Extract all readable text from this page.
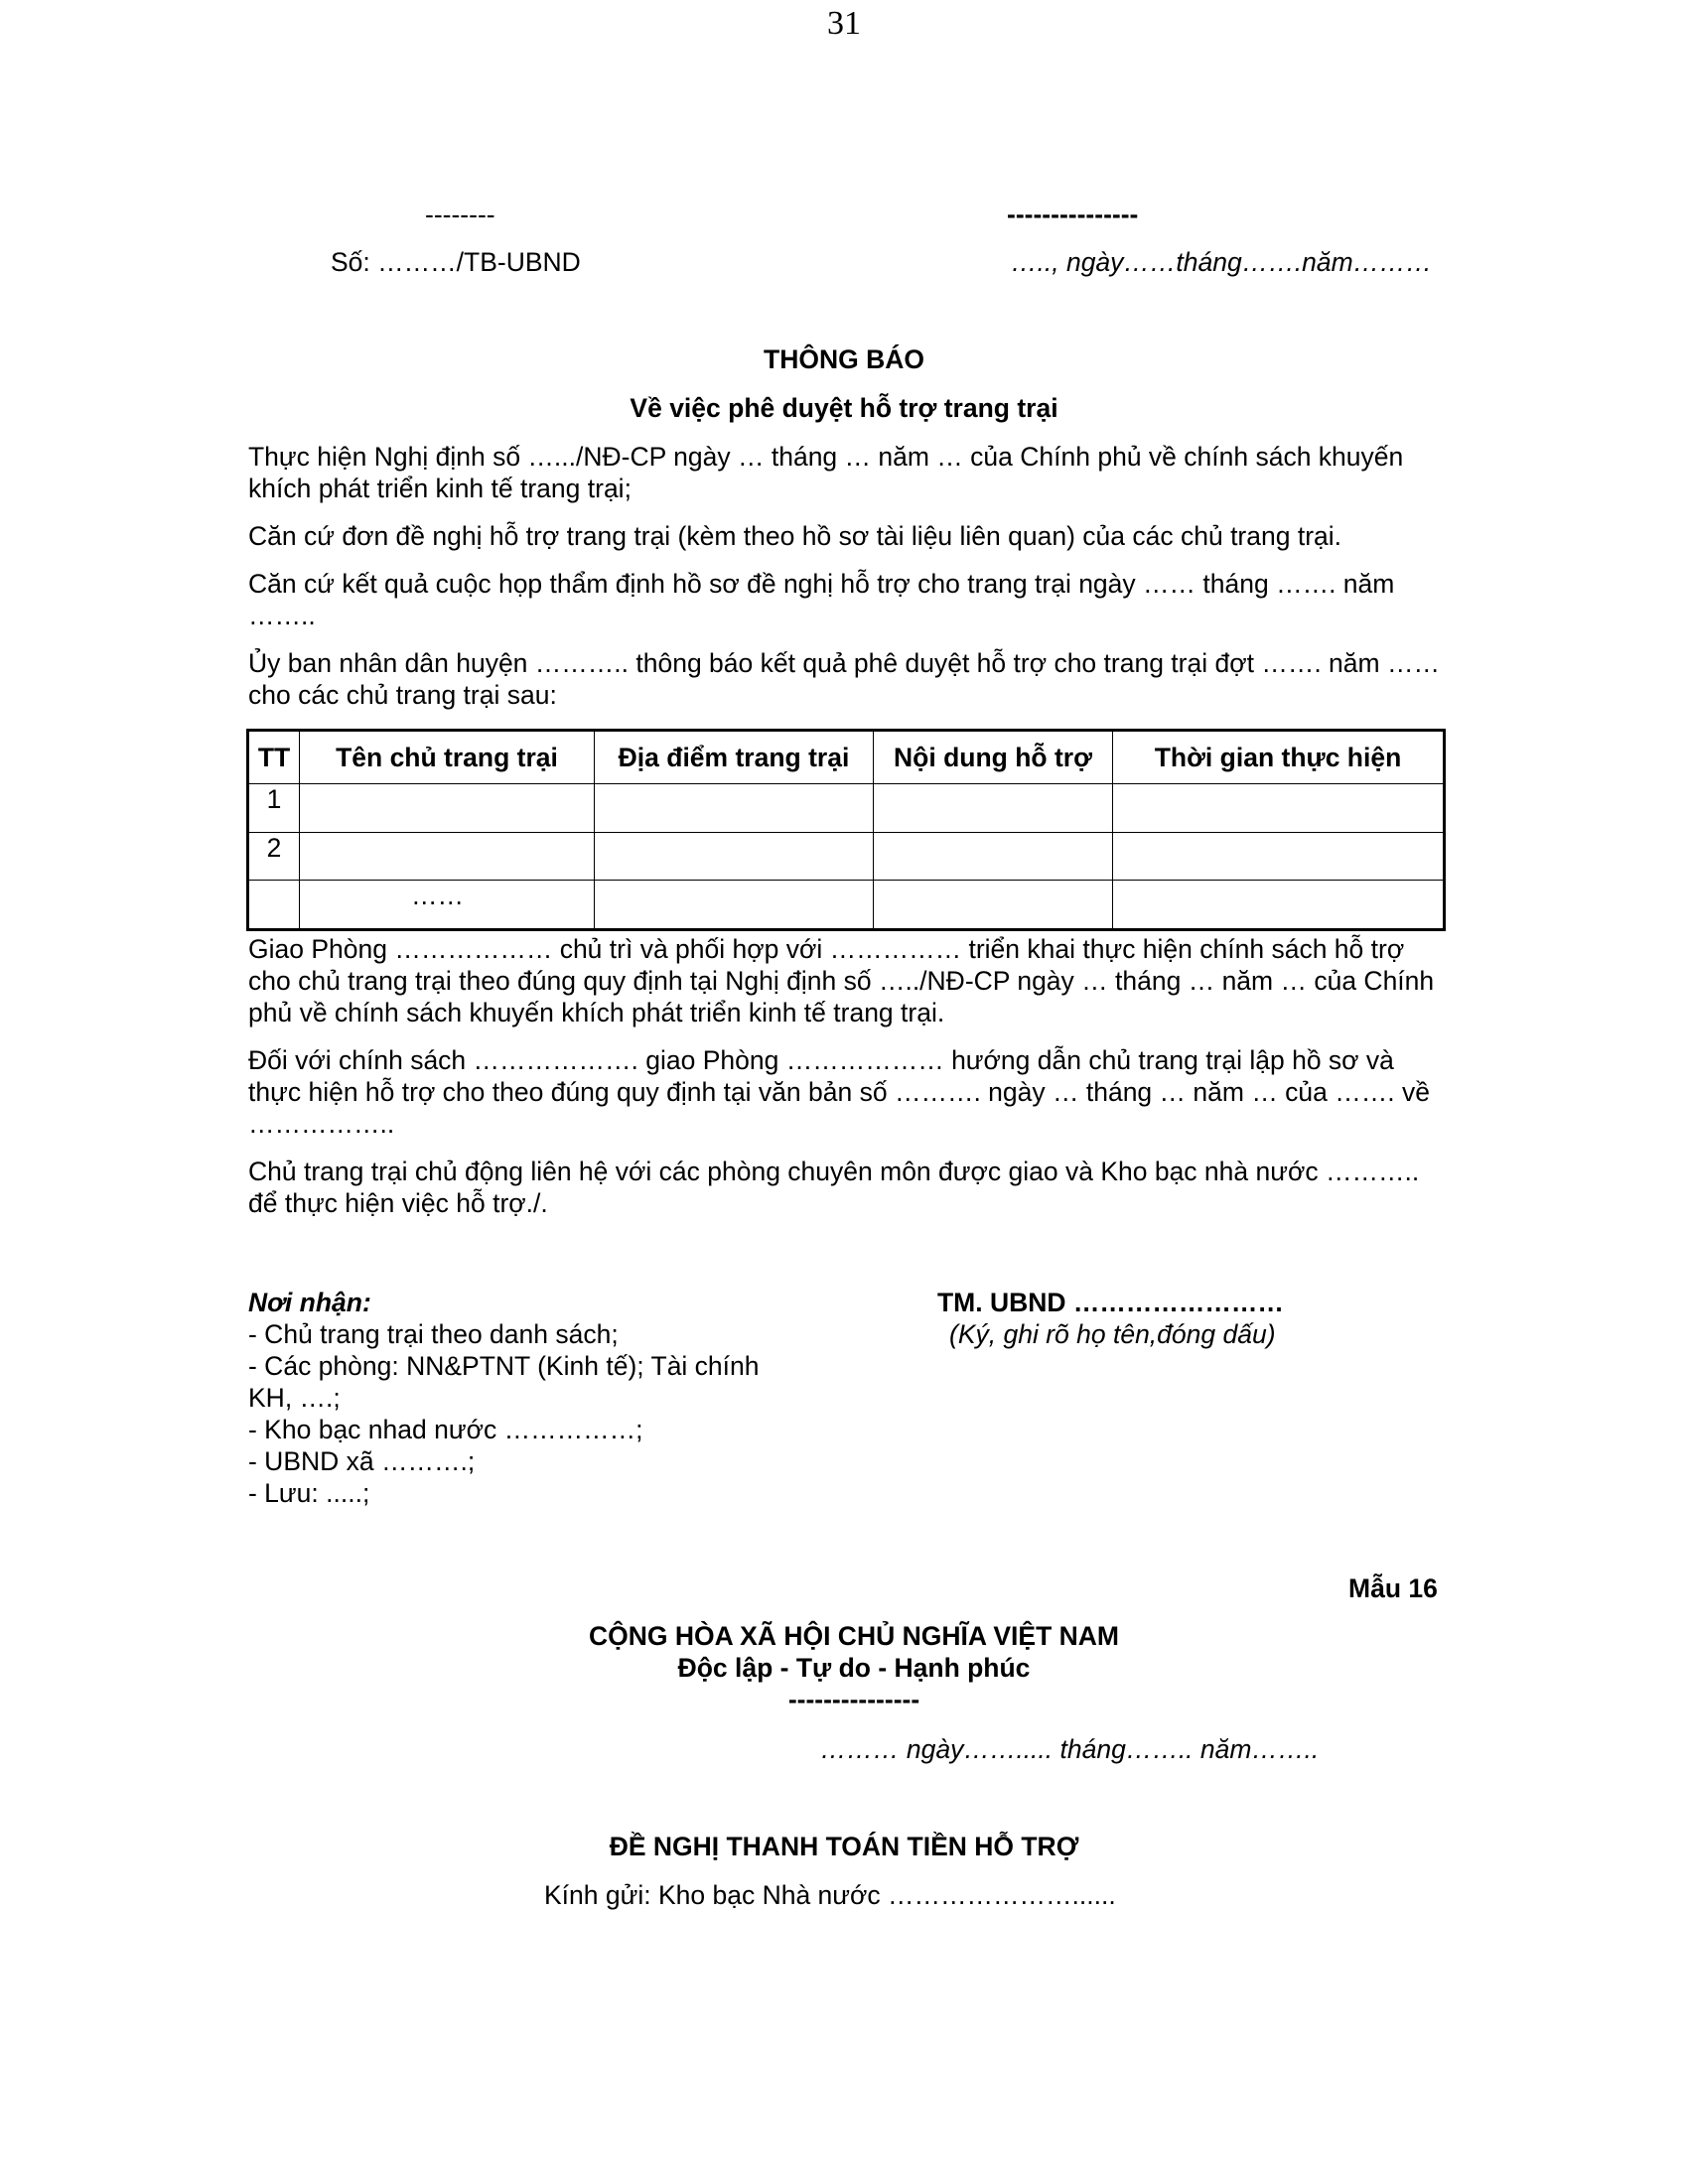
31
--------	---------------
Số: ………/TB-UBND	….., ngày……tháng…….năm………
THÔNG BÁO
Về việc phê duyệt hỗ trợ trang trại
Thực hiện Nghị định số ….../NĐ-CP ngày … tháng … năm … của Chính phủ về chính sách khuyến khích phát triển kinh tế trang trại;
Căn cứ đơn đề nghị hỗ trợ trang trại (kèm theo hồ sơ tài liệu liên quan) của các chủ trang trại.
Căn cứ kết quả cuộc họp thẩm định hồ sơ đề nghị hỗ trợ cho trang trại ngày …… tháng ……. năm ……..
Ủy ban nhân dân huyện ……….. thông báo kết quả phê duyệt hỗ trợ cho trang trại đợt ……. năm …… cho các chủ trang trại sau:
TT	Tên chủ trang trại	Địa điểm trang trại	Nội dung hỗ trợ	Thời gian thực hiện
1				
2				
	……			
Giao Phòng ……………… chủ trì và phối hợp với …………… triển khai thực hiện chính sách hỗ trợ cho chủ trang trại theo đúng quy định tại Nghị định số …../NĐ-CP ngày … tháng … năm … của Chính phủ về chính sách khuyến khích phát triển kinh tế trang trại.
Đối với chính sách ………………. giao Phòng ……………… hướng dẫn chủ trang trại lập hồ sơ và thực hiện hỗ trợ cho theo đúng quy định tại văn bản số ………. ngày … tháng … năm … của ……. về ……………..
Chủ trang trại chủ động liên hệ với các phòng chuyên môn được giao và Kho bạc nhà nước ……….. để thực hiện việc hỗ trợ./.
Nơi nhận:
- Chủ trang trại theo danh sách;
- Các phòng: NN&PTNT (Kinh tế); Tài chính KH, ….;
- Kho bạc nhad nước ……………;
- UBND xã ……….;
- Lưu: .....;
TM. UBND ……………………
(Ký, ghi rõ họ tên,đóng dấu)
Mẫu 16
CỘNG HÒA XÃ HỘI CHỦ NGHĨA VIỆT NAM
Độc lập - Tự do - Hạnh phúc
---------------
……… ngày……..... tháng…….. năm……..
ĐỀ NGHỊ THANH TOÁN TIỀN HỖ TRỢ
Kính gửi: Kho bạc Nhà nước …………………......
